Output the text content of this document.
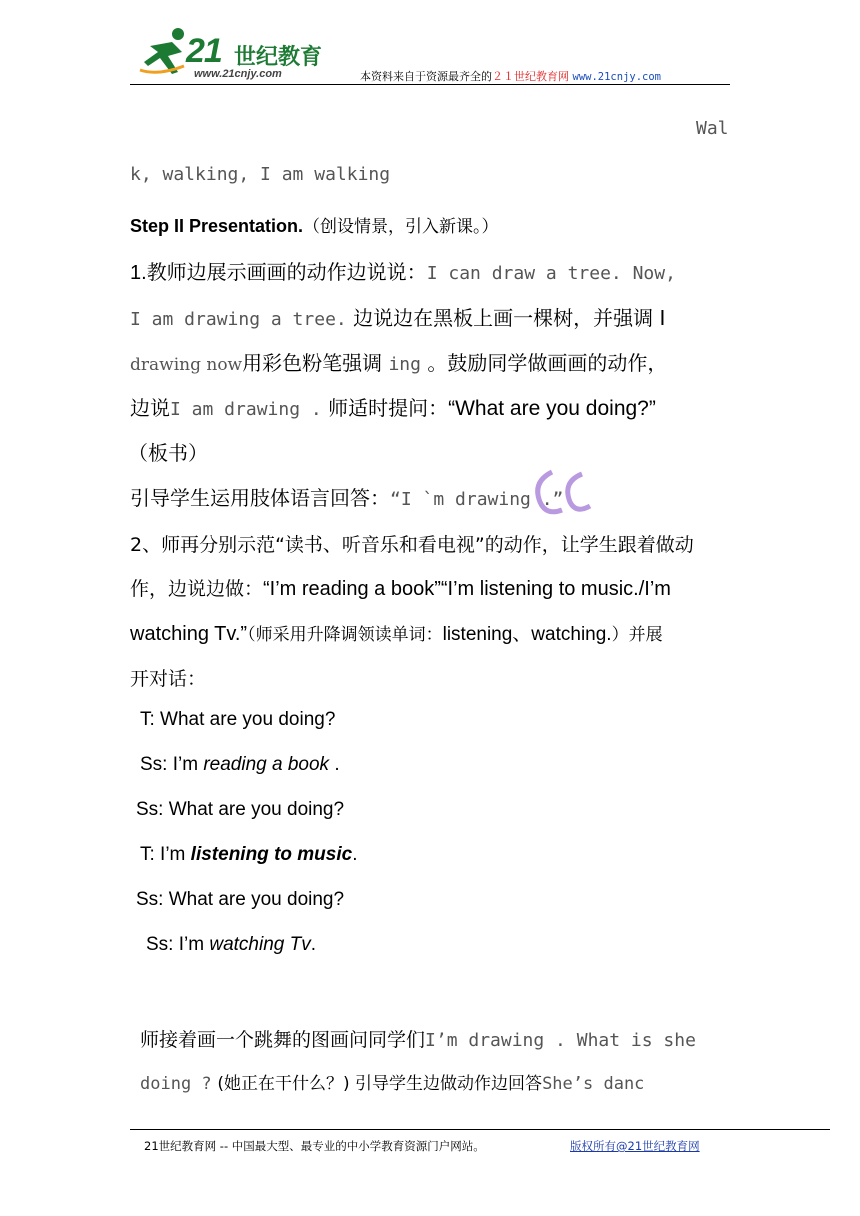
21 世纪教育
www.21cnjy.com	本资料来自于资源最齐全的２１世纪教育网 www.21cnjy.com
Wal
k, walking, I am walking
Step II Presentation.（创设情景，引入新课。）
1.教师边展示画画的动作边说说：I can draw a tree. Now,
I am drawing a tree. 边说边在黑板上画一棵树，并强调 I
drawing now用彩色粉笔强调 ing 。鼓励同学做画画的动作，
边说I am drawing . 师适时提问：“What are you doing?”
（板书）
引导学生运用肢体语言回答：“I `m drawing .”
2、师再分别示范“读书、听音乐和看电视”的动作，让学生跟着做动
作，边说边做：“I’m reading a book”“I’m listening to music./I’m
watching Tv.”（师采用升降调领读单词：listening、watching.）并展
开对话：
T: What are you doing?
Ss: I’m reading a book .
Ss: What are you doing?
T: I’m listening to music.
Ss: What are you doing?
Ss: I’m watching Tv.
师接着画一个跳舞的图画问同学们I’m drawing . What is she
doing ? (她正在干什么？) 引导学生边做动作边回答She’s danc
21世纪教育网 -- 中国最大型、最专业的中小学教育资源门户网站。	版权所有@21世纪教育网
